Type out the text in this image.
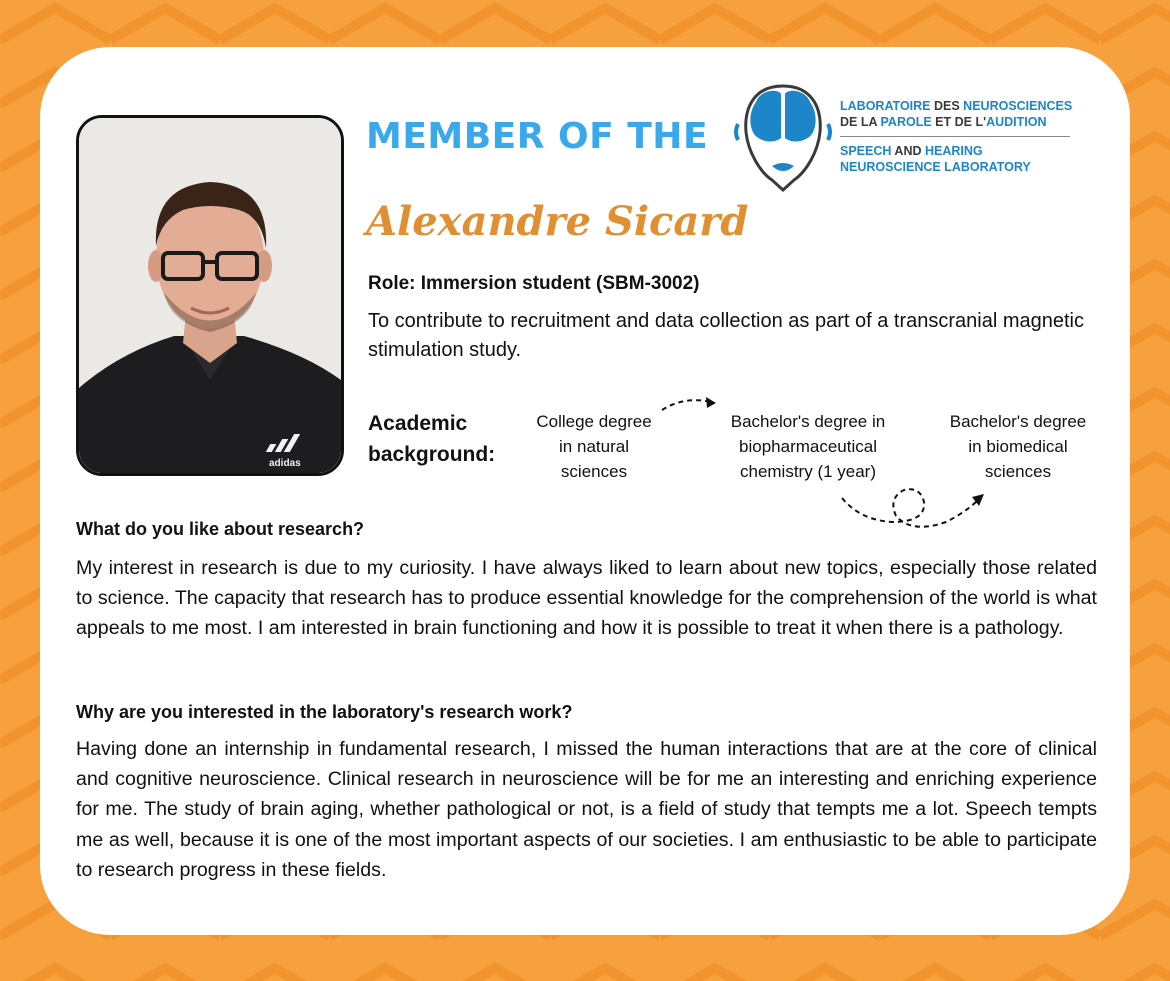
adidas
MEMBER OF THE
LABORATOIRE DES NEUROSCIENCES
DE LA PAROLE ET DE L'AUDITION
SPEECH AND HEARING
NEUROSCIENCE LABORATORY
Alexandre Sicard
Role: Immersion student (SBM-3002)
To contribute to recruitment and data collection as part of a transcranial magnetic stimulation study.
Academic
background:
College degree
in natural
sciences
Bachelor's degree in
biopharmaceutical
chemistry (1 year)
Bachelor's degree
in biomedical
sciences
What do you like about research?
My interest in research is due to my curiosity. I have always liked to learn about new topics, especially those related to science. The capacity that research has to produce essential knowledge for the comprehension of the world is what appeals to me most. I am interested in brain functioning and how it is possible to treat it when there is a pathology.
Why are you interested in the laboratory's research work?
Having done an internship in fundamental research, I missed the human interactions that are at the core of clinical and cognitive neuroscience. Clinical research in neuroscience will be for me an interesting and enriching experience for me. The study of brain aging, whether pathological or not, is a field of study that tempts me a lot. Speech tempts me as well, because it is one of the most important aspects of our societies. I am enthusiastic to be able to participate to research progress in these fields.
